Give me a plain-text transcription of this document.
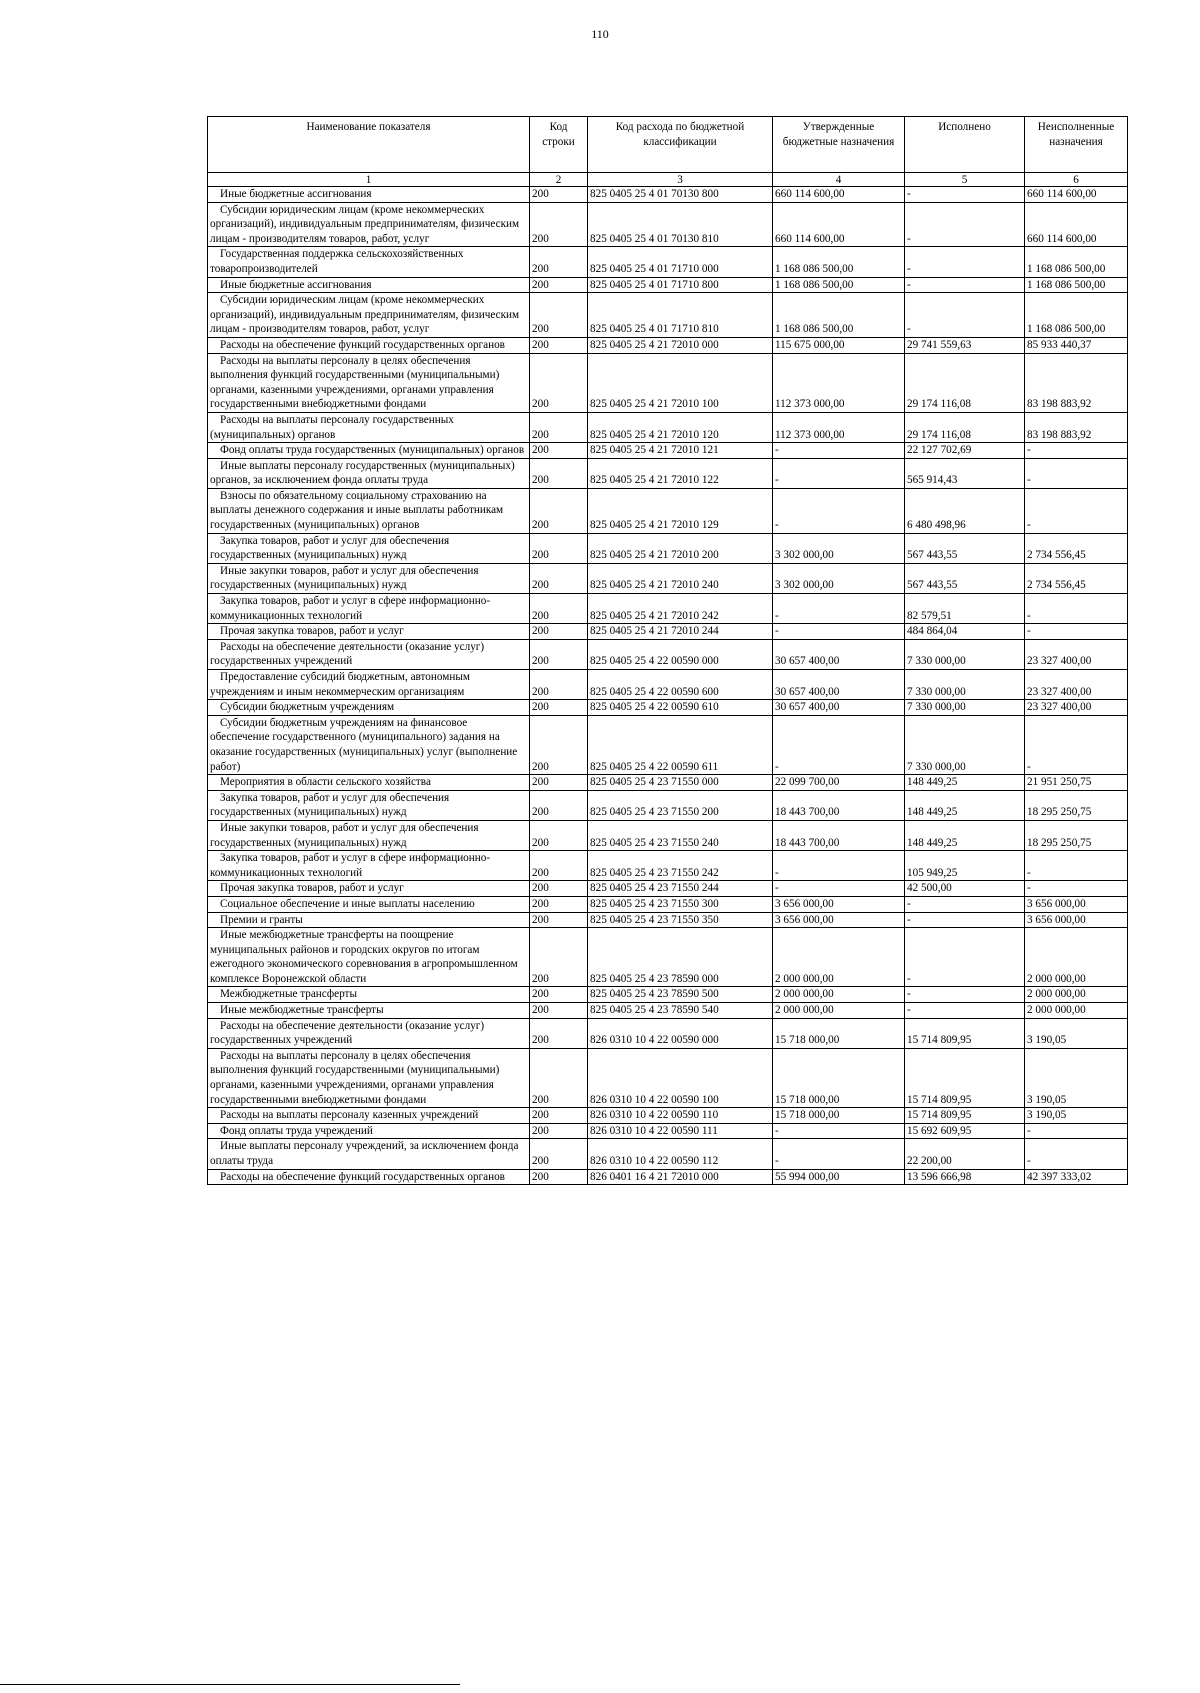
110
Наименование показателя	Код строки	Код расхода по бюджетной классификации	Утвержденные бюджетные назначения	Исполнено	Неисполненные назначения
1	2	3	4	5	6
Иные бюджетные ассигнования	200	825 0405 25 4 01 70130 800	660 114 600,00	-	660 114 600,00
Субсидии юридическим лицам (кроме некоммерческих организаций), индивидуальным предпринимателям, физическим лицам - производителям товаров, работ, услуг	200	825 0405 25 4 01 70130 810	660 114 600,00	-	660 114 600,00
Государственная поддержка сельскохозяйственных товаропроизводителей	200	825 0405 25 4 01 71710 000	1 168 086 500,00	-	1 168 086 500,00
Иные бюджетные ассигнования	200	825 0405 25 4 01 71710 800	1 168 086 500,00	-	1 168 086 500,00
Субсидии юридическим лицам (кроме некоммерческих организаций), индивидуальным предпринимателям, физическим лицам - производителям товаров, работ, услуг	200	825 0405 25 4 01 71710 810	1 168 086 500,00	-	1 168 086 500,00
Расходы на обеспечение функций государственных органов	200	825 0405 25 4 21 72010 000	115 675 000,00	29 741 559,63	85 933 440,37
Расходы на выплаты персоналу в целях обеспечения выполнения функций государственными (муниципальными) органами, казенными учреждениями, органами управления государственными внебюджетными фондами	200	825 0405 25 4 21 72010 100	112 373 000,00	29 174 116,08	83 198 883,92
Расходы на выплаты персоналу государственных (муниципальных) органов	200	825 0405 25 4 21 72010 120	112 373 000,00	29 174 116,08	83 198 883,92
Фонд оплаты труда государственных (муниципальных) органов	200	825 0405 25 4 21 72010 121	-	22 127 702,69	-
Иные выплаты персоналу государственных (муниципальных) органов, за исключением фонда оплаты труда	200	825 0405 25 4 21 72010 122	-	565 914,43	-
Взносы по обязательному социальному страхованию на выплаты денежного содержания и иные выплаты работникам государственных (муниципальных) органов	200	825 0405 25 4 21 72010 129	-	6 480 498,96	-
Закупка товаров, работ и услуг для обеспечения государственных (муниципальных) нужд	200	825 0405 25 4 21 72010 200	3 302 000,00	567 443,55	2 734 556,45
Иные закупки товаров, работ и услуг для обеспечения государственных (муниципальных) нужд	200	825 0405 25 4 21 72010 240	3 302 000,00	567 443,55	2 734 556,45
Закупка товаров, работ и услуг в сфере информационно-коммуникационных технологий	200	825 0405 25 4 21 72010 242	-	82 579,51	-
Прочая закупка товаров, работ и услуг	200	825 0405 25 4 21 72010 244	-	484 864,04	-
Расходы на обеспечение деятельности (оказание услуг) государственных учреждений	200	825 0405 25 4 22 00590 000	30 657 400,00	7 330 000,00	23 327 400,00
Предоставление субсидий бюджетным, автономным учреждениям и иным некоммерческим организациям	200	825 0405 25 4 22 00590 600	30 657 400,00	7 330 000,00	23 327 400,00
Субсидии бюджетным учреждениям	200	825 0405 25 4 22 00590 610	30 657 400,00	7 330 000,00	23 327 400,00
Субсидии бюджетным учреждениям на финансовое обеспечение государственного (муниципального) задания на оказание государственных (муниципальных) услуг (выполнение работ)	200	825 0405 25 4 22 00590 611	-	7 330 000,00	-
Мероприятия в области сельского хозяйства	200	825 0405 25 4 23 71550 000	22 099 700,00	148 449,25	21 951 250,75
Закупка товаров, работ и услуг для обеспечения государственных (муниципальных) нужд	200	825 0405 25 4 23 71550 200	18 443 700,00	148 449,25	18 295 250,75
Иные закупки товаров, работ и услуг для обеспечения государственных (муниципальных) нужд	200	825 0405 25 4 23 71550 240	18 443 700,00	148 449,25	18 295 250,75
Закупка товаров, работ и услуг в сфере информационно-коммуникационных технологий	200	825 0405 25 4 23 71550 242	-	105 949,25	-
Прочая закупка товаров, работ и услуг	200	825 0405 25 4 23 71550 244	-	42 500,00	-
Социальное обеспечение и иные выплаты населению	200	825 0405 25 4 23 71550 300	3 656 000,00	-	3 656 000,00
Премии и гранты	200	825 0405 25 4 23 71550 350	3 656 000,00	-	3 656 000,00
Иные межбюджетные трансферты на поощрение муниципальных районов и городских округов по итогам ежегодного экономического соревнования в агропромышленном комплексе Воронежской области	200	825 0405 25 4 23 78590 000	2 000 000,00	-	2 000 000,00
Межбюджетные трансферты	200	825 0405 25 4 23 78590 500	2 000 000,00	-	2 000 000,00
Иные межбюджетные трансферты	200	825 0405 25 4 23 78590 540	2 000 000,00	-	2 000 000,00
Расходы на обеспечение деятельности (оказание услуг) государственных учреждений	200	826 0310 10 4 22 00590 000	15 718 000,00	15 714 809,95	3 190,05
Расходы на выплаты персоналу в целях обеспечения выполнения функций государственными (муниципальными) органами, казенными учреждениями, органами управления государственными внебюджетными фондами	200	826 0310 10 4 22 00590 100	15 718 000,00	15 714 809,95	3 190,05
Расходы на выплаты персоналу казенных учреждений	200	826 0310 10 4 22 00590 110	15 718 000,00	15 714 809,95	3 190,05
Фонд оплаты труда учреждений	200	826 0310 10 4 22 00590 111	-	15 692 609,95	-
Иные выплаты персоналу учреждений, за исключением фонда оплаты труда	200	826 0310 10 4 22 00590 112	-	22 200,00	-
Расходы на обеспечение функций государственных органов	200	826 0401 16 4 21 72010 000	55 994 000,00	13 596 666,98	42 397 333,02
